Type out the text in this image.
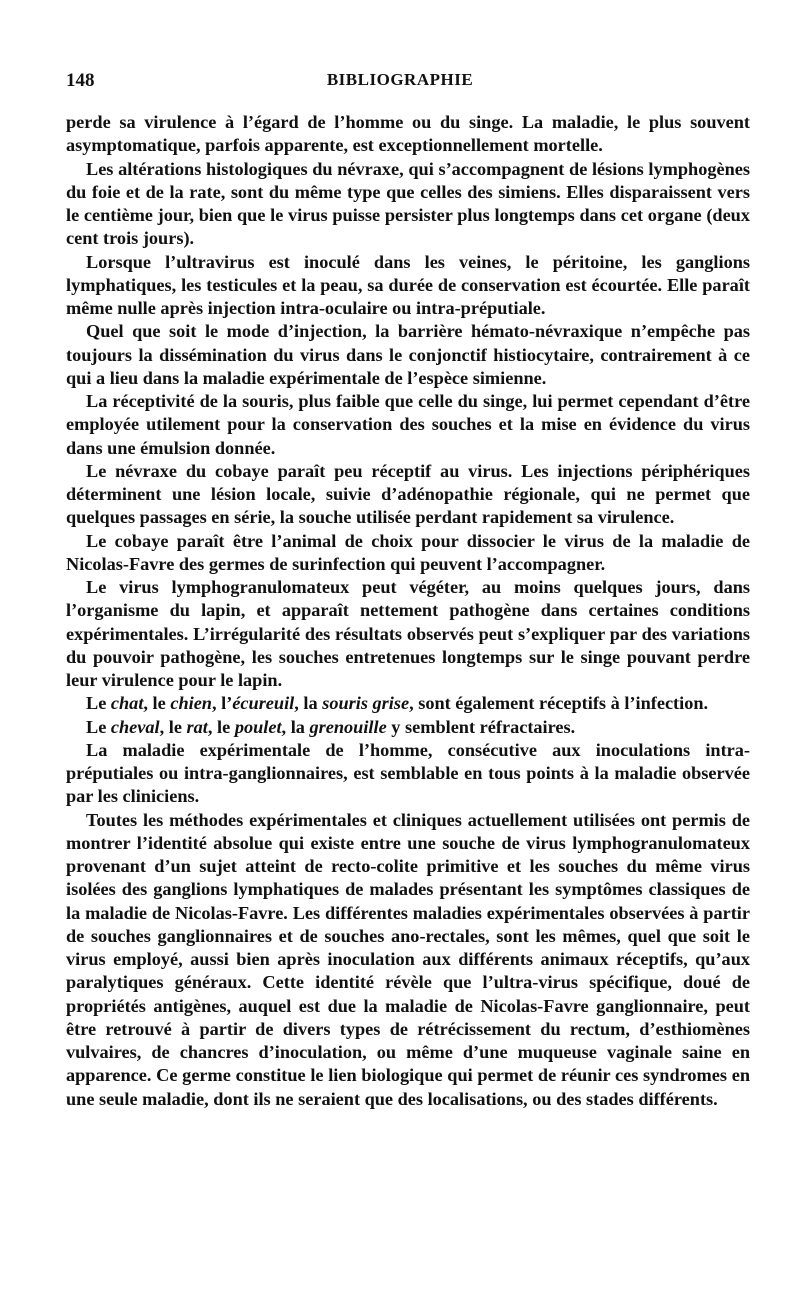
148	BIBLIOGRAPHIE

perde sa virulence à l’égard de l’homme ou du singe. La maladie, le plus souvent asymptomatique, parfois apparente, est exceptionnellement mortelle.

Les altérations histologiques du névraxe, qui s’accompagnent de lésions lymphogènes du foie et de la rate, sont du même type que celles des simiens. Elles disparaissent vers le centième jour, bien que le virus puisse persister plus longtemps dans cet organe (deux cent trois jours).

Lorsque l’ultravirus est inoculé dans les veines, le péritoine, les ganglions lymphatiques, les testicules et la peau, sa durée de conservation est écourtée. Elle paraît même nulle après injection intra-oculaire ou intra-préputiale.

Quel que soit le mode d’injection, la barrière hémato-névraxique n’empêche pas toujours la dissémination du virus dans le conjonctif histiocytaire, contrairement à ce qui a lieu dans la maladie expérimentale de l’espèce simienne.

La réceptivité de la souris, plus faible que celle du singe, lui permet cependant d’être employée utilement pour la conservation des souches et la mise en évidence du virus dans une émulsion donnée.

Le névraxe du cobaye paraît peu réceptif au virus. Les injections périphériques déterminent une lésion locale, suivie d’adénopathie régionale, qui ne permet que quelques passages en série, la souche utilisée perdant rapidement sa virulence.

Le cobaye paraît être l’animal de choix pour dissocier le virus de la maladie de Nicolas-Favre des germes de surinfection qui peuvent l’accompagner.

Le virus lymphogranulomateux peut végéter, au moins quelques jours, dans l’organisme du lapin, et apparaît nettement pathogène dans certaines conditions expérimentales. L’irrégularité des résultats observés peut s’expliquer par des variations du pouvoir pathogène, les souches entretenues longtemps sur le singe pouvant perdre leur virulence pour le lapin.

Le chat, le chien, l’écureuil, la souris grise, sont également réceptifs à l’infection.

Le cheval, le rat, le poulet, la grenouille y semblent réfractaires.

La maladie expérimentale de l’homme, consécutive aux inoculations intra-préputiales ou intra-ganglionnaires, est semblable en tous points à la maladie observée par les cliniciens.

Toutes les méthodes expérimentales et cliniques actuellement utilisées ont permis de montrer l’identité absolue qui existe entre une souche de virus lymphogranulomateux provenant d’un sujet atteint de recto-colite primitive et les souches du même virus isolées des ganglions lymphatiques de malades présentant les symptômes classiques de la maladie de Nicolas-Favre. Les différentes maladies expérimentales observées à partir de souches ganglionnaires et de souches ano-rectales, sont les mêmes, quel que soit le virus employé, aussi bien après inoculation aux différents animaux réceptifs, qu’aux paralytiques généraux. Cette identité révèle que l’ultra-virus spécifique, doué de propriétés antigènes, auquel est due la maladie de Nicolas-Favre ganglionnaire, peut être retrouvé à partir de divers types de rétrécissement du rectum, d’esthiomènes vulvaires, de chancres d’inoculation, ou même d’une muqueuse vaginale saine en apparence. Ce germe constitue le lien biologique qui permet de réunir ces syndromes en une seule maladie, dont ils ne seraient que des localisations, ou des stades différents.
